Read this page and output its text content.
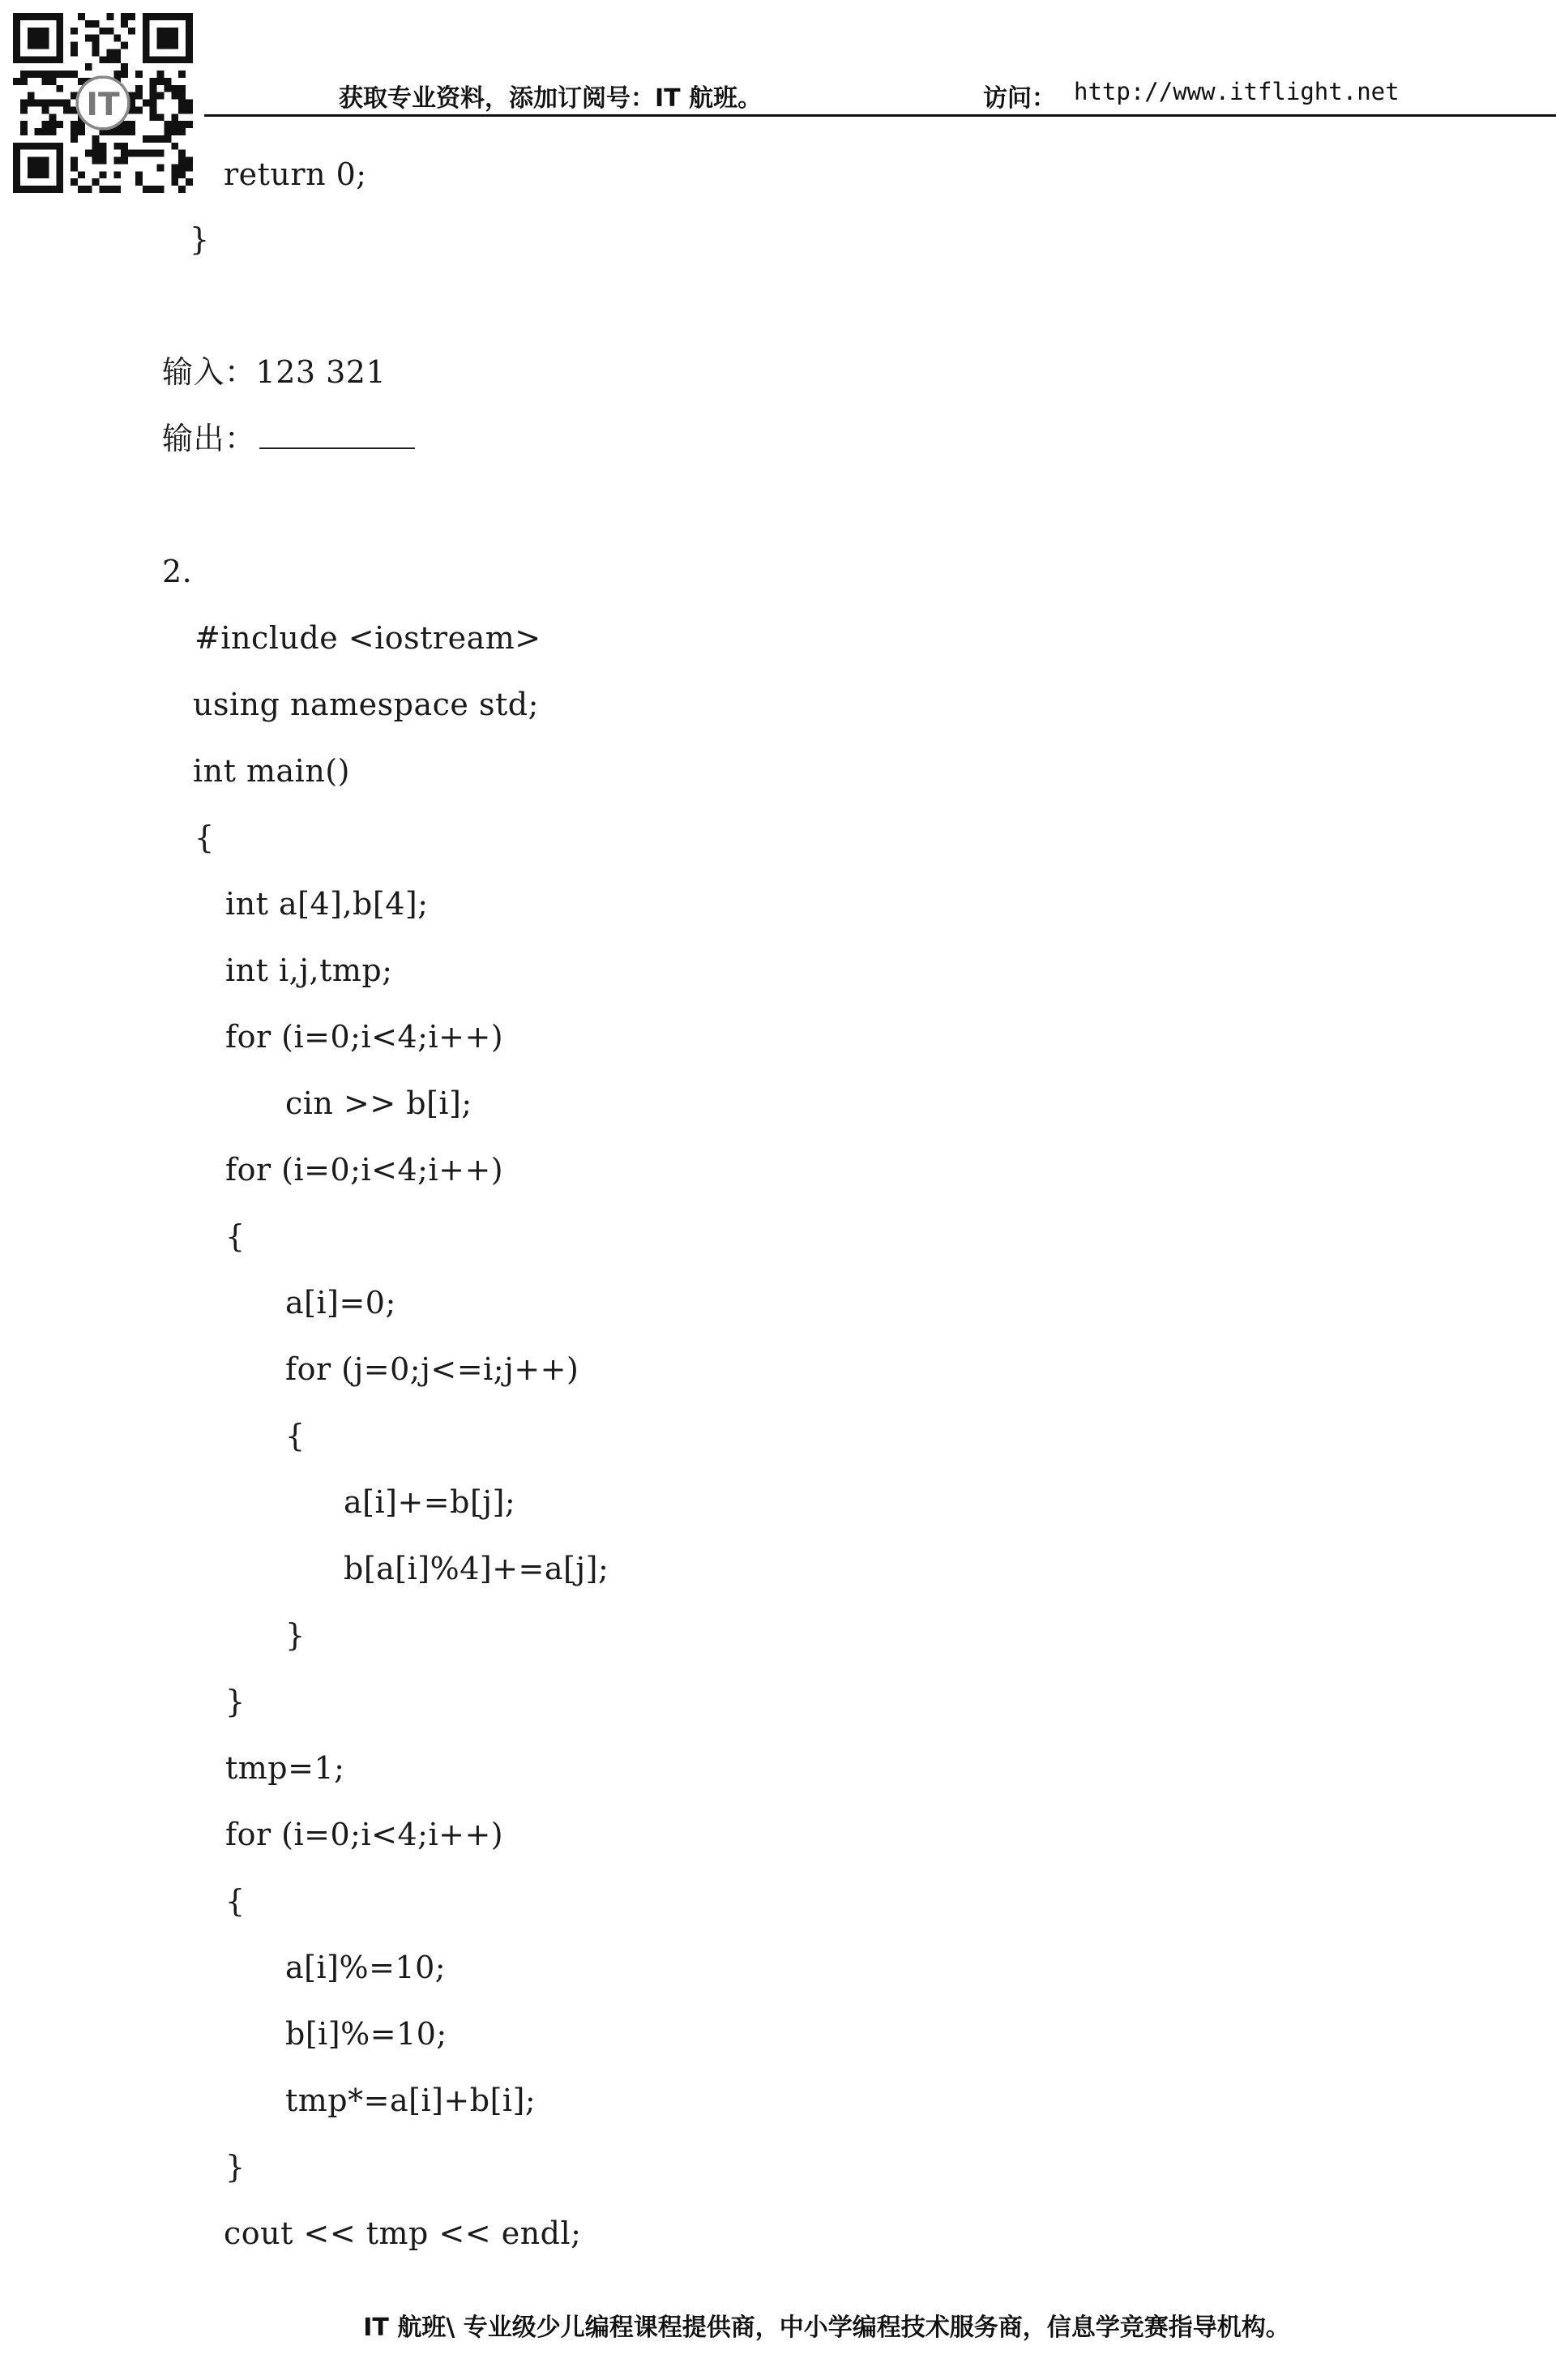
IT	获取专业资料，添加订阅号：IT 航班。	访问： http://www.itflight.net
return 0;
}
输入：123 321
输出：
2.
#include <iostream>
using namespace std;
int main()
{
int a[4],b[4];
int i,j,tmp;
for (i=0;i<4;i++)
cin >> b[i];
for (i=0;i<4;i++)
{
a[i]=0;
for (j=0;j<=i;j++)
{
a[i]+=b[j];
b[a[i]%4]+=a[j];
}
}
tmp=1;
for (i=0;i<4;i++)
{
a[i]%=10;
b[i]%=10;
tmp*=a[i]+b[i];
}
cout << tmp << endl;
IT 航班\ 专业级少儿编程课程提供商，中小学编程技术服务商，信息学竞赛指导机构。
